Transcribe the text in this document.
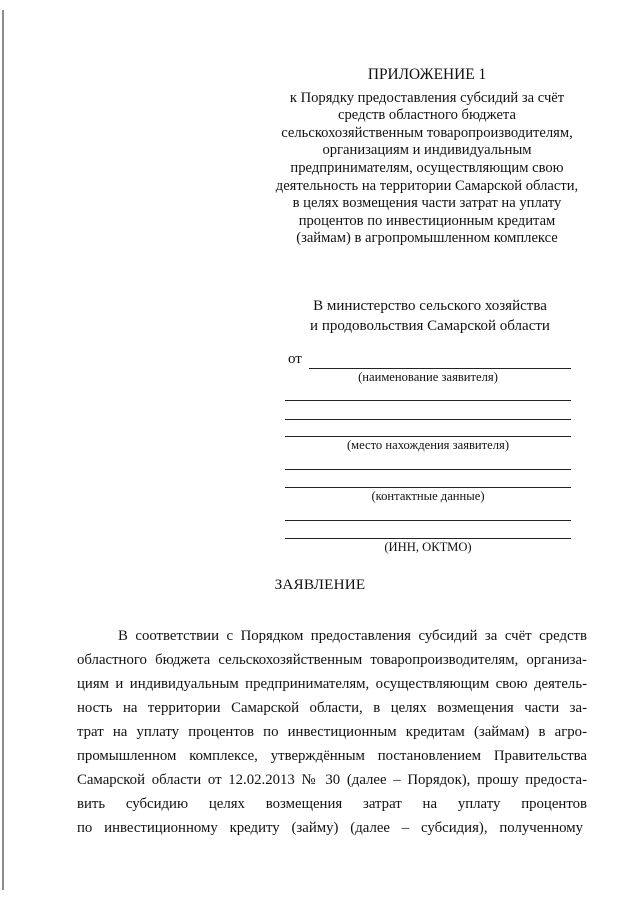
ПРИЛОЖЕНИЕ 1
к Порядку предоставления субсидий за счёт
средств областного бюджета
сельскохозяйственным товаропроизводителям,
организациям и индивидуальным
предпринимателям, осуществляющим свою
деятельность на территории Самарской области,
в целях возмещения части затрат на уплату
процентов по инвестиционным кредитам
(займам) в агропромышленном комплексе
В министерство сельского хозяйства
и продовольствия Самарской области
от
(наименование заявителя)
(место нахождения заявителя)
(контактные данные)
(ИНН, ОКТМО)
ЗАЯВЛЕНИЕ
В соответствии с Порядком предоставления субсидий за счёт средств
областного бюджета сельскохозяйственным товаропроизводителям, организа-
циям и индивидуальным предпринимателям, осуществляющим свою деятель-
ность на территории Самарской области, в целях возмещения части за-
трат на уплату процентов по инвестиционным кредитам (займам) в агро-
промышленном комплексе, утверждённым постановлением Правительства
Самарской области от 12.02.2013 № 30 (далее – Порядок), прошу предоста-
вить субсидию целях возмещения затрат на уплату процентов
по инвестиционному кредиту (займу) (далее – субсидия), полученному
